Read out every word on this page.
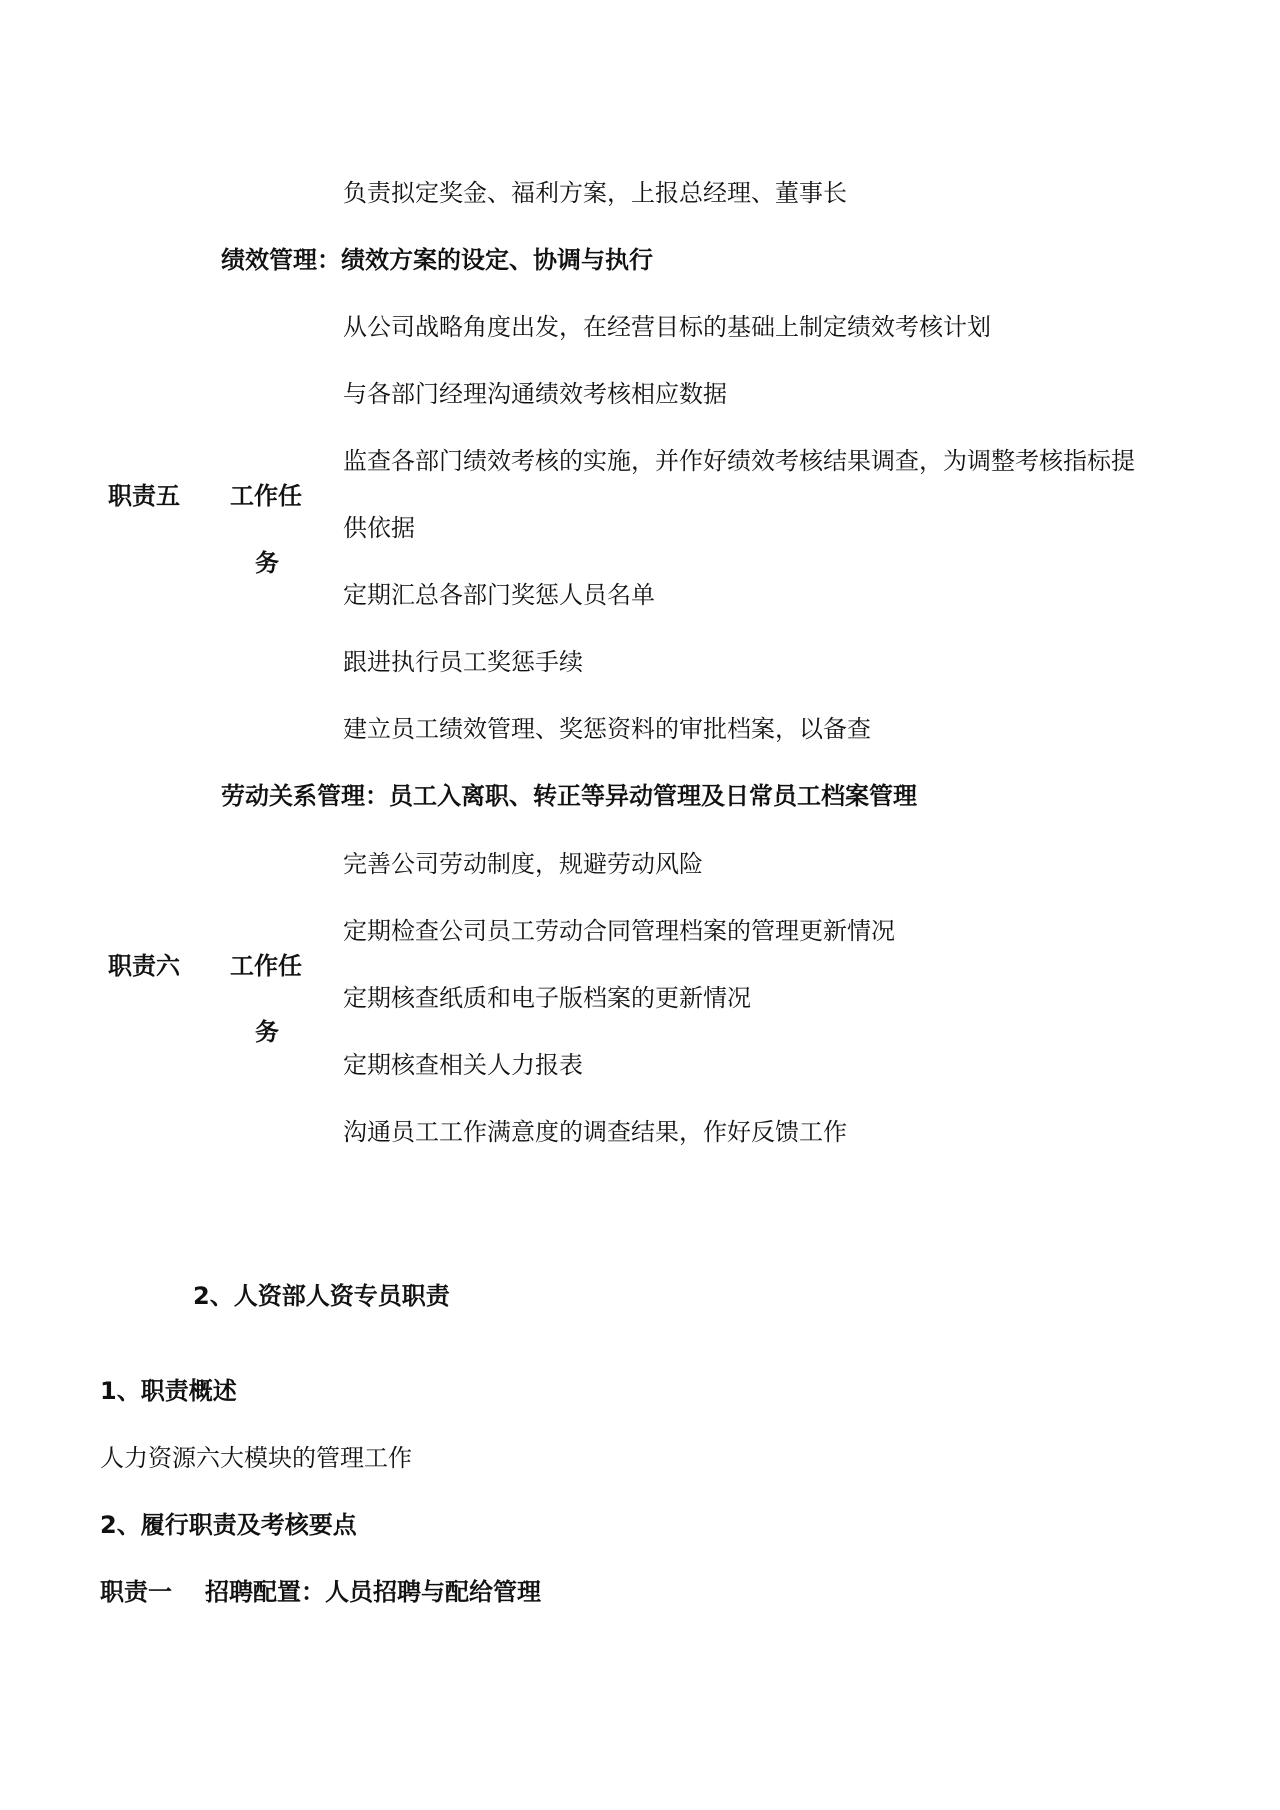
负责拟定奖金、福利方案，上报总经理、董事长
绩效管理：绩效方案的设定、协调与执行
从公司战略角度出发，在经营目标的基础上制定绩效考核计划
与各部门经理沟通绩效考核相应数据
监查各部门绩效考核的实施，并作好绩效考核结果调查，为调整考核指标提
供依据
定期汇总各部门奖惩人员名单
跟进执行员工奖惩手续
建立员工绩效管理、奖惩资料的审批档案，以备查
职责五 工作任
务
劳动关系管理：员工入离职、转正等异动管理及日常员工档案管理
完善公司劳动制度，规避劳动风险
定期检查公司员工劳动合同管理档案的管理更新情况
定期核查纸质和电子版档案的更新情况
定期核查相关人力报表
沟通员工工作满意度的调查结果，作好反馈工作
职责六 工作任
务
2、人资部人资专员职责
1、职责概述
人力资源六大模块的管理工作
2、履行职责及考核要点
职责一 招聘配置：人员招聘与配给管理
